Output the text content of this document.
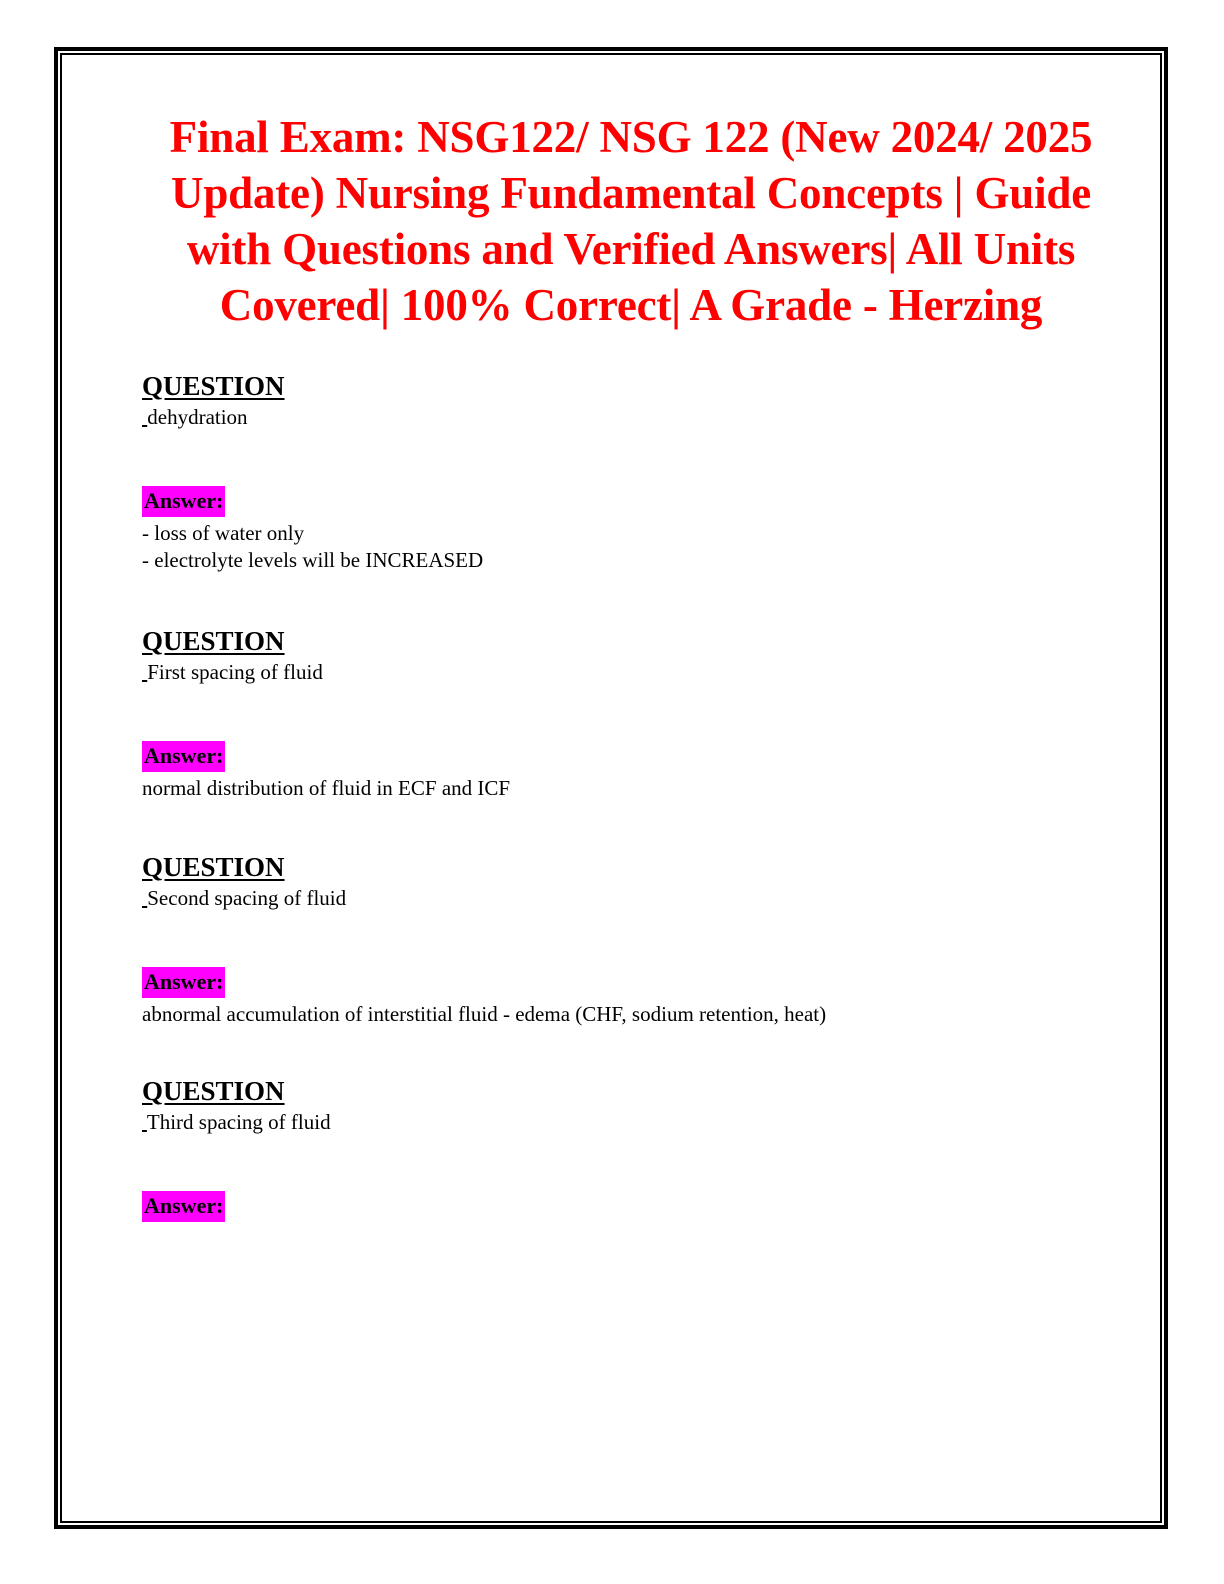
Final Exam: NSG122/ NSG 122 (New 2024/ 2025 Update) Nursing Fundamental Concepts | Guide with Questions and Verified Answers| All Units Covered| 100% Correct| A Grade - Herzing
QUESTION

dehydration

Answer:

- loss of water only

- electrolyte levels will be INCREASED

QUESTION

First spacing of fluid

Answer:

normal distribution of fluid in ECF and ICF

QUESTION

Second spacing of fluid

Answer:

abnormal accumulation of interstitial fluid - edema (CHF, sodium retention, heat)

QUESTION

Third spacing of fluid

Answer:
